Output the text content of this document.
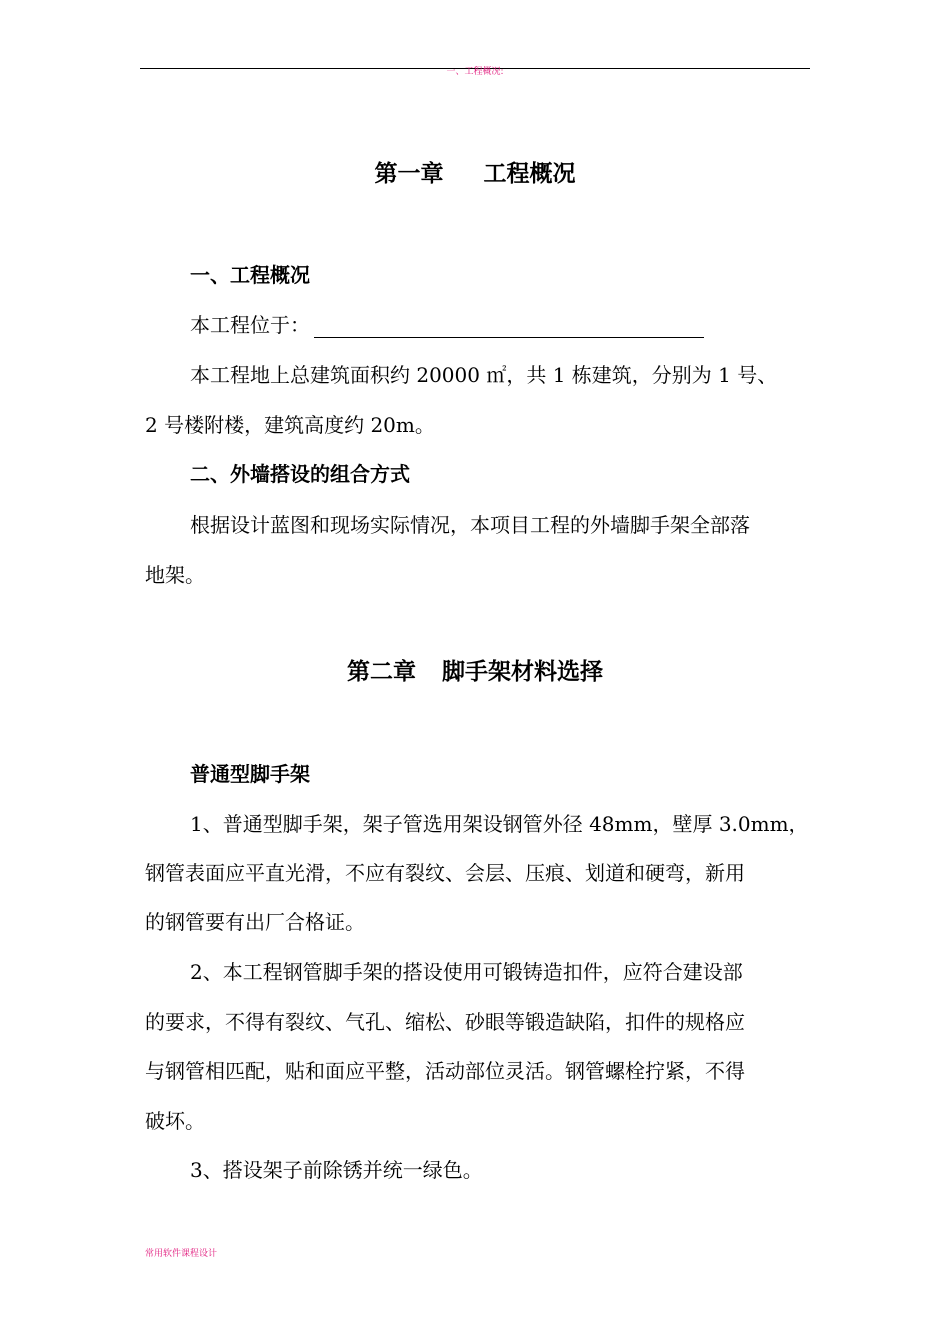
一、工程概况:
第一章 工程概况
一、工程概况
本工程位于：
本工程地上总建筑面积约 20000 ㎡，共 1 栋建筑，分别为 1 号、
2 号楼附楼，建筑高度约 20m。
二、外墙搭设的组合方式
根据设计蓝图和现场实际情况，本项目工程的外墙脚手架全部落
地架。
第二章 脚手架材料选择
普通型脚手架
1、普通型脚手架，架子管选用架设钢管外径 48mm，壁厚 3.0mm，
钢管表面应平直光滑，不应有裂纹、会层、压痕、划道和硬弯，新用
的钢管要有出厂合格证。
2、本工程钢管脚手架的搭设使用可锻铸造扣件，应符合建设部
的要求，不得有裂纹、气孔、缩松、砂眼等锻造缺陷，扣件的规格应
与钢管相匹配，贴和面应平整，活动部位灵活。钢管螺栓拧紧，不得
破坏。
3、搭设架子前除锈并统一绿色。
常用软件课程设计
